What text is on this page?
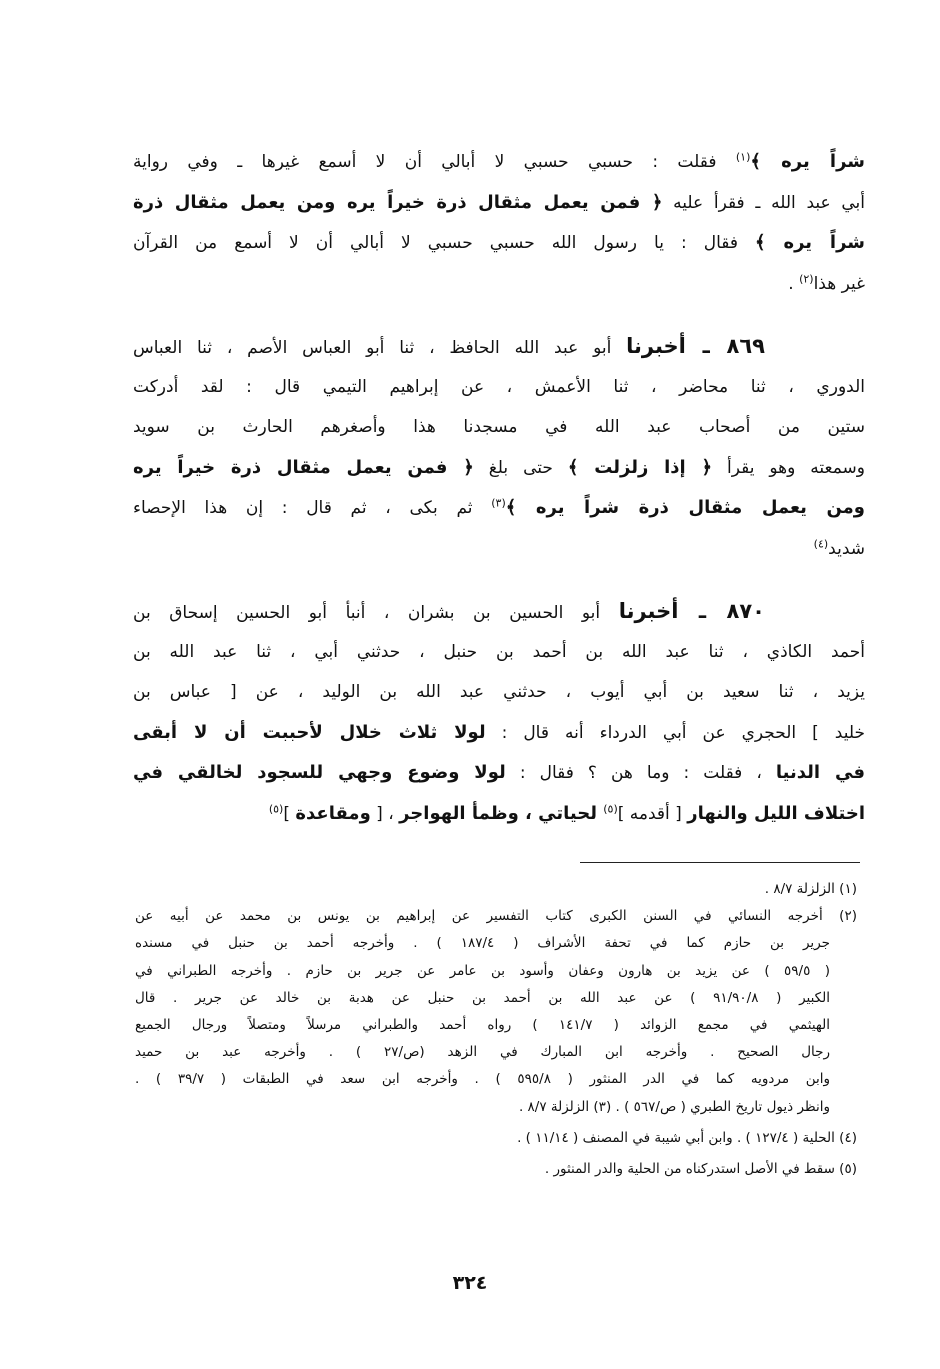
شراً يره ﴾$^{(١)}$ فقلت : حسبي حسبي لا أبالي أن لا أسمع غيرها ـ وفي رواية
أبي عبد الله ـ فقرأ عليه ﴿ فمن يعمل مثقال ذرة خيراً يره ومن يعمل مثقال ذرة
شراً يره ﴾ فقال : يا رسول الله حسبي حسبي لا أبالي أن لا أسمع من القرآن
غير هذا$^{(٢)}$ .
٨٦٩ ـ أخبرنا أبو عبد الله الحافظ ، ثنا أبو العباس الأصم ، ثنا العباس
الدوري ، ثنا محاضر ، ثنا الأعمش ، عن إبراهيم التيمي قال : لقد أدركت
ستين من أصحاب عبد الله في مسجدنا هذا وأصغرهم الحارث بن سويد
وسمعته وهو يقرأ ﴿ إذا زلزلت ﴾ حتى بلغ ﴿ فمن يعمل مثقال ذرة خيراً يره
ومن يعمل مثقال ذرة شراً يره ﴾$^{(٣)}$ ثم بكى ، ثم قال : إن هذا الإحصاء
شديد$^{(٤)}$
٨٧٠ ـ أخبرنا أبو الحسين بن بشران ، أنبأ أبو الحسين إسحاق بن
أحمد الكاذي ، ثنا عبد الله بن أحمد بن حنبل ، حدثني أبي ، ثنا عبد الله بن
يزيد ، ثنا سعيد بن أبي أيوب ، حدثني عبد الله بن الوليد ، عن [ عباس بن
خليد ] الحجري عن أبي الدرداء أنه قال : لولا ثلاث خلال لأحببت أن لا أبقى
في الدنيا ، فقلت : وما هن ؟ فقال : لولا وضوع وجهي للسجود لخالقي في
اختلاف الليل والنهار [ أقدمه ]$^{(٥)}$ لحياتي ، وظمأ الهواجر ، [ ومقاعدة ]$^{(٥)}$
(١) الزلزلة ٨/٧ .
(٢) أخرجه النسائي في السنن الكبرى كتاب التفسير عن إبراهيم بن يونس بن محمد عن أبيه عن
جرير بن حازم كما في تحفة الأشراف ( ١٨٧/٤ ) . وأخرجه أحمد بن حنبل في مسنده
( ٥٩/٥ ) عن يزيد بن هارون وعفان وأسود بن عامر عن جرير بن حازم . وأخرجه الطبراني في
الكبير ( ٩١/٩٠/٨ ) عن عبد الله بن أحمد بن حنبل عن هدبة بن خالد عن جرير . قال
الهيثمي في مجمع الزوائد ( ١٤١/٧ ) رواه أحمد والطبراني مرسلاً ومتصلاً ورجال الجميع
رجال الصحيح . وأخرجه ابن المبارك في الزهد (ص/٢٧ ) . وأخرجه عبد بن حميد
وابن مردويه كما في الدر المنثور ( ٥٩٥/٨ ) . وأخرجه ابن سعد في الطبقات ( ٣٩/٧ ) .
وانظر ذيول تاريخ الطبري ( ص/٥٦٧ ) . (٣) الزلزلة ٨/٧ .
(٤) الحلية ( ١٢٧/٤ ) . وابن أبي شيبة في المصنف ( ١١/١٤ ) .
(٥) سقط في الأصل استدركناه من الحلية والدر المنثور .
٣٢٤
